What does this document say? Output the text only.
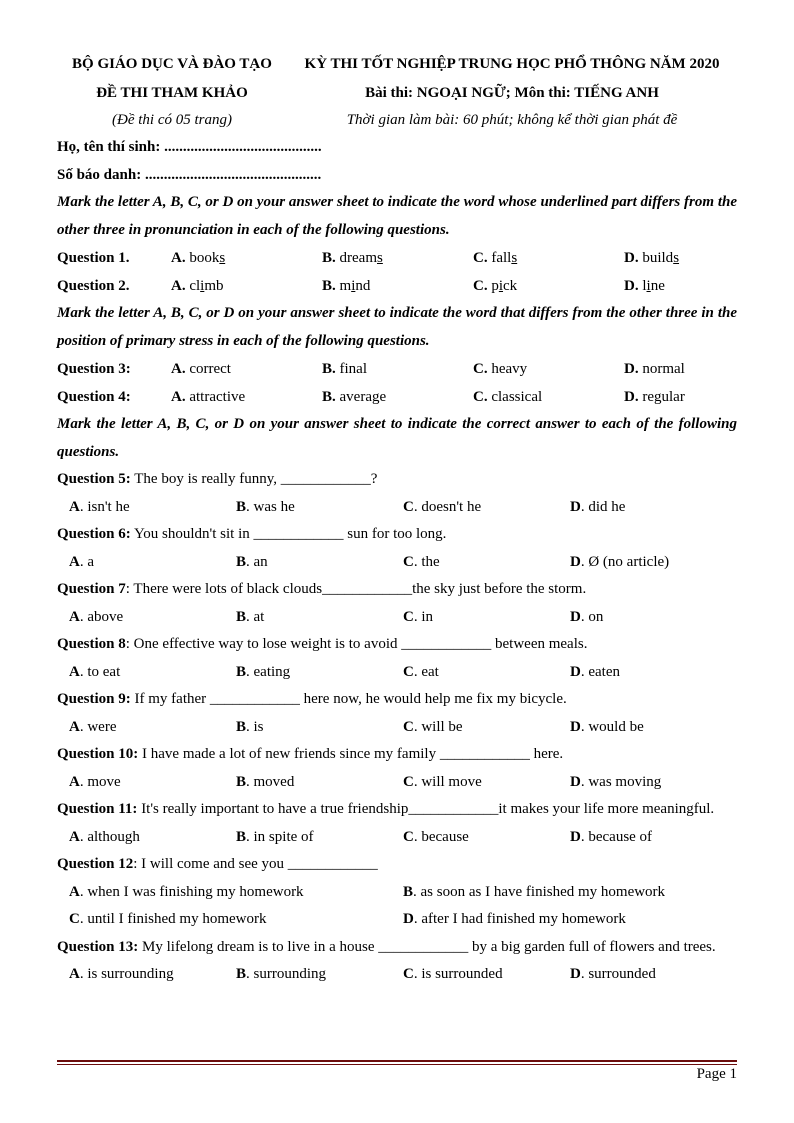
BỘ GIÁO DỤC VÀ ĐÀO TẠO	KỲ THI TỐT NGHIỆP TRUNG HỌC PHỔ THÔNG NĂM 2020
ĐỀ THI THAM KHẢO	Bài thi: NGOẠI NGỮ; Môn thi: TIẾNG ANH
(Đề thi có 05 trang)	Thời gian làm bài: 60 phút; không kể thời gian phát đề
Họ, tên thí sinh: ..........................................
Số báo danh: ...............................................
Mark the letter A, B, C, or D on your answer sheet to indicate the word whose underlined part differs from the other three in pronunciation in each of the following questions.
Question 1.	A. books	B. dreams	C. falls	D. builds
Question 2.	A. climb	B. mind	C. pick	D. line
Mark the letter A, B, C, or D on your answer sheet to indicate the word that differs from the other three in the position of primary stress in each of the following questions.
Question 3:	A. correct	B. final	C. heavy	D. normal
Question 4:	A. attractive	B. average	C. classical	D. regular
Mark the letter A, B, C, or D on your answer sheet to indicate the correct answer to each of the following questions.
Question 5: The boy is really funny, ____________?
A. isn't he	B. was he	C. doesn't he	D. did he
Question 6: You shouldn't sit in ____________ sun for too long.
A. a	B. an	C. the	D. Ø (no article)
Question 7: There were lots of black clouds____________the sky just before the storm.
A. above	B. at	C. in	D. on
Question 8: One effective way to lose weight is to avoid ____________ between meals.
A. to eat	B. eating	C. eat	D. eaten
Question 9: If my father ____________ here now, he would help me fix my bicycle.
A. were	B. is	C. will be	D. would be
Question 10: I have made a lot of new friends since my family ____________ here.
A. move	B. moved	C. will move	D. was moving
Question 11: It's really important to have a true friendship____________it makes your life more meaningful.
A. although	B. in spite of	C. because	D. because of
Question 12: I will come and see you ____________
A. when I was finishing my homework	B. as soon as I have finished my homework
C. until I finished my homework	D. after I had finished my homework
Question 13: My lifelong dream is to live in a house ____________ by a big garden full of flowers and trees.
A. is surrounding	B. surrounding	C. is surrounded	D. surrounded
Page 1
